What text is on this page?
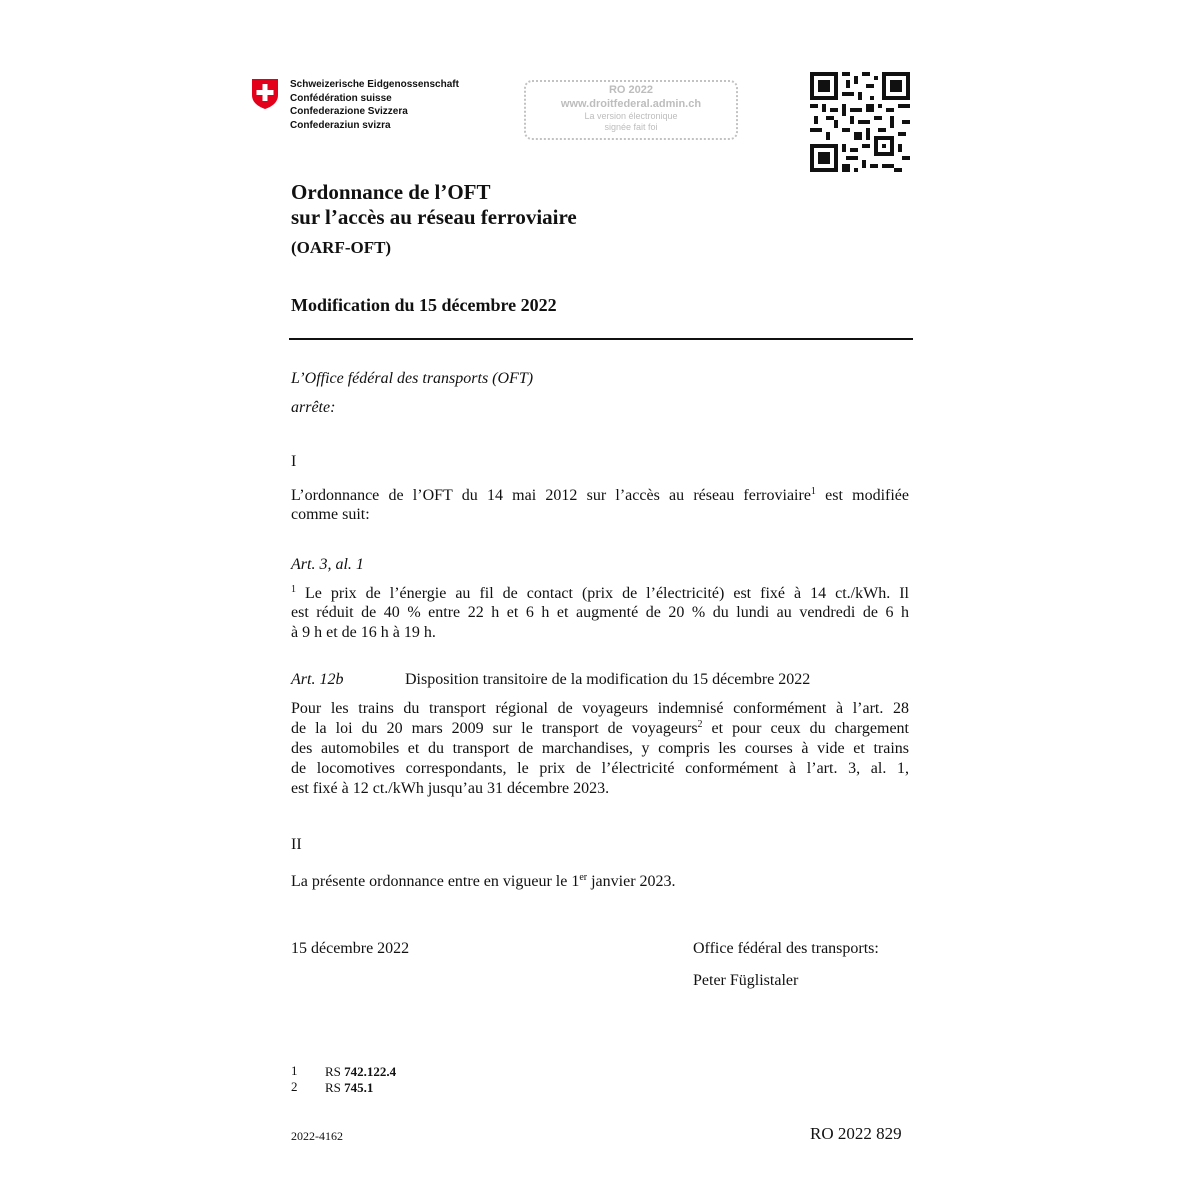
Schweizerische Eidgenossenschaft
Confédération suisse
Confederazione Svizzera
Confederaziun svizra
RO 2022
www.droitfederal.admin.ch
La version électronique
signée fait foi
Ordonnance de l’OFT
sur l’accès au réseau ferroviaire
(OARF-OFT)
Modification du 15 décembre 2022
L’Office fédéral des transports (OFT)
arrête:
I
L’ordonnance de l’OFT du 14 mai 2012 sur l’accès au réseau ferroviaire$^1$ est modifiée
comme suit:
Art. 3, al. 1
$^1$ Le prix de l’énergie au fil de contact (prix de l’électricité) est fixé à 14 ct./kWh. Il
est réduit de 40 % entre 22 h et 6 h et augmenté de 20 % du lundi au vendredi de 6 h
à 9 h et de 16 h à 19 h.
Art. 12b	Disposition transitoire de la modification du 15 décembre 2022
Pour les trains du transport régional de voyageurs indemnisé conformément à l’art. 28
de la loi du 20 mars 2009 sur le transport de voyageurs$^2$ et pour ceux du chargement
des automobiles et du transport de marchandises, y compris les courses à vide et trains
de locomotives correspondants, le prix de l’électricité conformément à l’art. 3, al. 1,
est fixé à 12 ct./kWh jusqu’au 31 décembre 2023.
II
La présente ordonnance entre en vigueur le 1er janvier 2023.
15 décembre 2022	Office fédéral des transports:
Peter Füglistaler
1 RS 742.122.4
2 RS 745.1
2022-4162	RO 2022 829
